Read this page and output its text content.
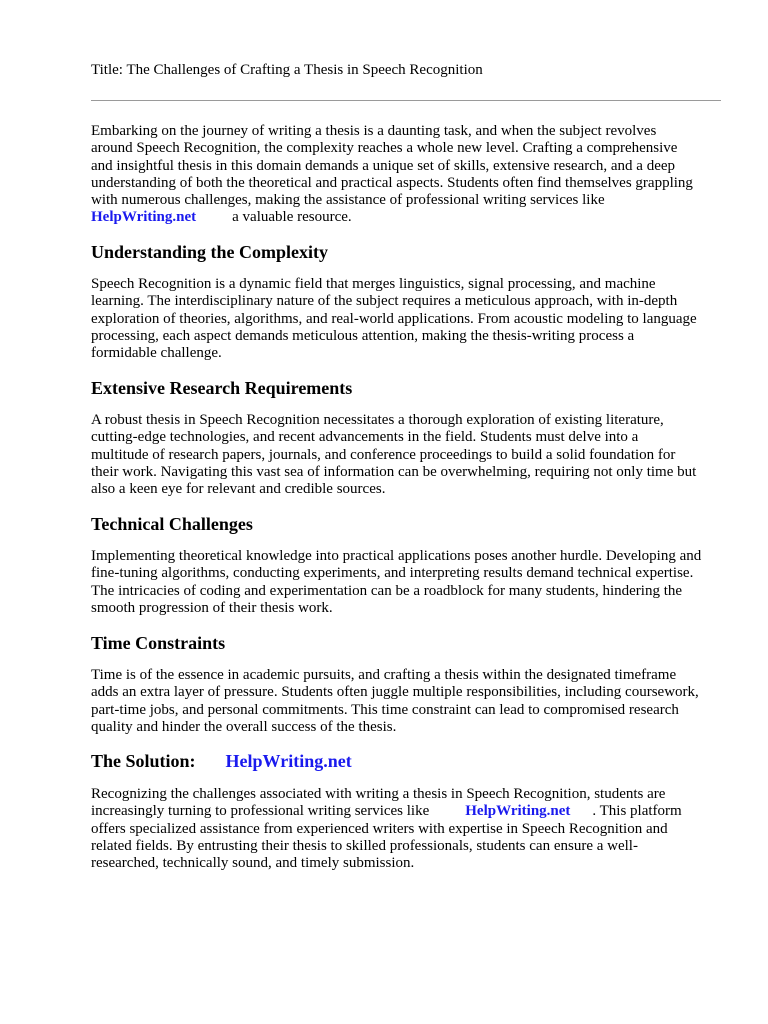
Title: The Challenges of Crafting a Thesis in Speech Recognition

Embarking on the journey of writing a thesis is a daunting task, and when the subject revolves
around Speech Recognition, the complexity reaches a whole new level. Crafting a comprehensive
and insightful thesis in this domain demands a unique set of skills, extensive research, and a deep
understanding of both the theoretical and practical aspects. Students often find themselves grappling
with numerous challenges, making the assistance of professional writing services like
HelpWriting.net a valuable resource.

Understanding the Complexity

Speech Recognition is a dynamic field that merges linguistics, signal processing, and machine
learning. The interdisciplinary nature of the subject requires a meticulous approach, with in-depth
exploration of theories, algorithms, and real-world applications. From acoustic modeling to language
processing, each aspect demands meticulous attention, making the thesis-writing process a
formidable challenge.

Extensive Research Requirements

A robust thesis in Speech Recognition necessitates a thorough exploration of existing literature,
cutting-edge technologies, and recent advancements in the field. Students must delve into a
multitude of research papers, journals, and conference proceedings to build a solid foundation for
their work. Navigating this vast sea of information can be overwhelming, requiring not only time but
also a keen eye for relevant and credible sources.

Technical Challenges

Implementing theoretical knowledge into practical applications poses another hurdle. Developing and
fine-tuning algorithms, conducting experiments, and interpreting results demand technical expertise.
The intricacies of coding and experimentation can be a roadblock for many students, hindering the
smooth progression of their thesis work.

Time Constraints

Time is of the essence in academic pursuits, and crafting a thesis within the designated timeframe
adds an extra layer of pressure. Students often juggle multiple responsibilities, including coursework,
part-time jobs, and personal commitments. This time constraint can lead to compromised research
quality and hinder the overall success of the thesis.

The Solution: HelpWriting.net

Recognizing the challenges associated with writing a thesis in Speech Recognition, students are
increasingly turning to professional writing services like HelpWriting.net . This platform
offers specialized assistance from experienced writers with expertise in Speech Recognition and
related fields. By entrusting their thesis to skilled professionals, students can ensure a well-
researched, technically sound, and timely submission.
